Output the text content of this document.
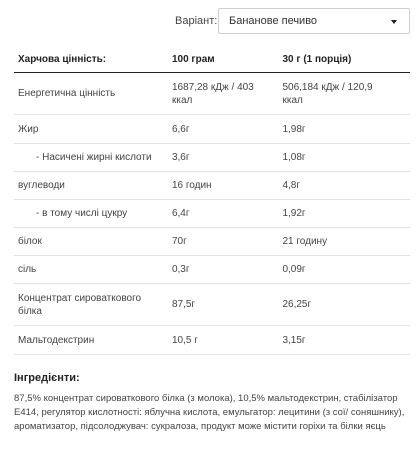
Варіант: Бананове печиво
Харчова цінність:	100 грам	30 г (1 порція)
Енергетична цінність	1687,28 кДж / 403 ккал	506,184 кДж / 120,9 ккал
Жир	6,6г	1,98г
- Насичені жирні кислоти	3,6г	1,08г
вуглеводи	16 годин	4,8г
- в тому числі цукру	6,4г	1,92г
білок	70г	21 годину
сіль	0,3г	0,09г
Концентрат сироваткового білка	87,5г	26,25г
Мальтодекстрин	10,5 г	3,15г
Інгредієнти:
87,5% концентрат сироваткового білка (з молока), 10,5% мальтодекстрин, стабілізатор E414, регулятор кислотності: яблучна кислота, емульгатор: лецитини (з сої/ соняшнику), ароматизатор, підсолоджувач: сукралоза, продукт може містити горіхи та білки яєць
